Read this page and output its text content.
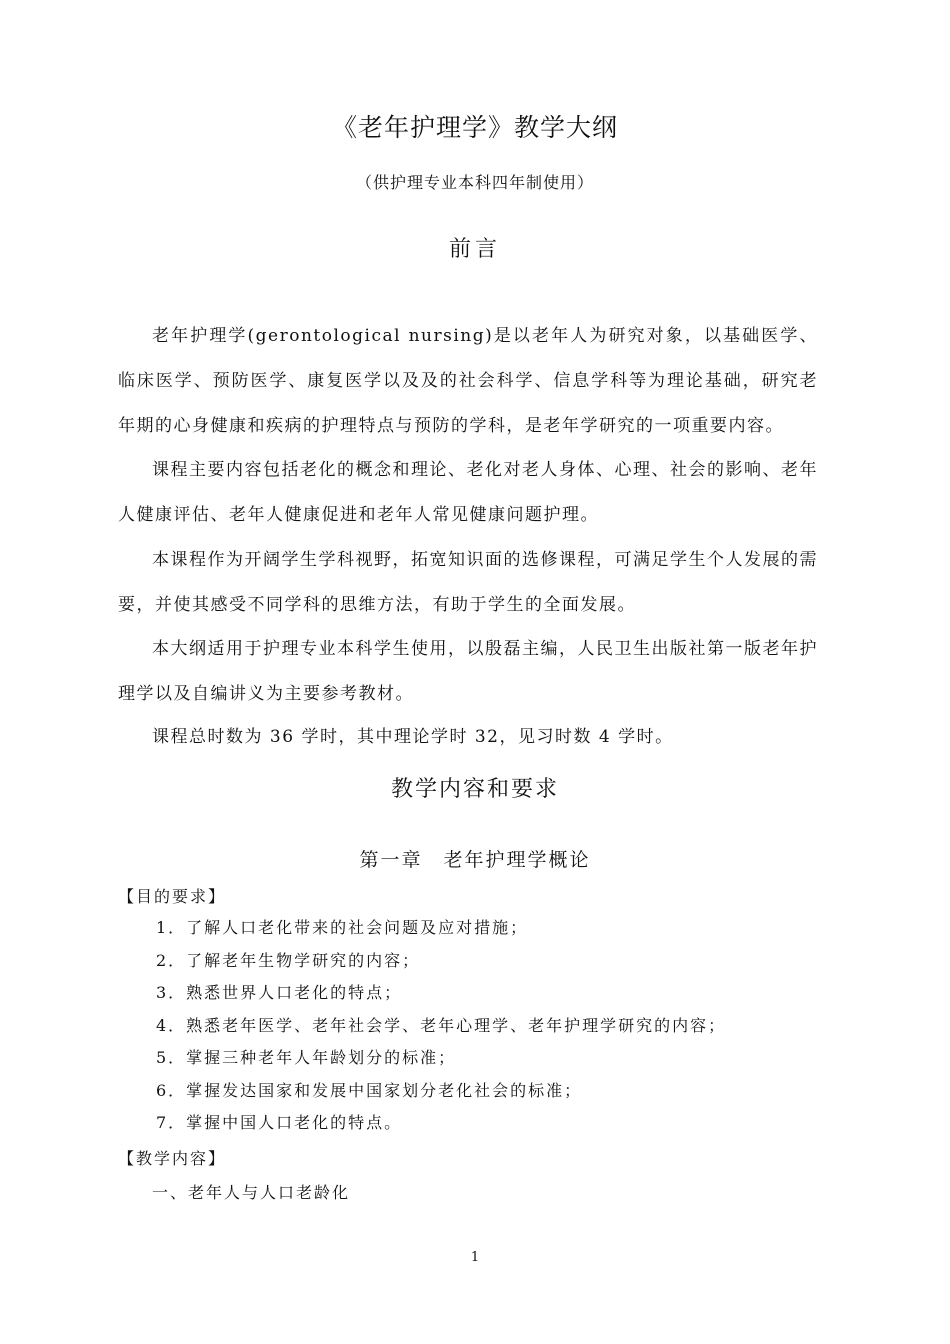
《老年护理学》教学大纲
（供护理专业本科四年制使用）
前言

老年护理学(gerontological nursing)是以老年人为研究对象，以基础医学、临床医学、预防医学、康复医学以及及的社会科学、信息学科等为理论基础，研究老年期的心身健康和疾病的护理特点与预防的学科，是老年学研究的一项重要内容。

课程主要内容包括老化的概念和理论、老化对老人身体、心理、社会的影响、老年人健康评估、老年人健康促进和老年人常见健康问题护理。

本课程作为开阔学生学科视野，拓宽知识面的选修课程，可满足学生个人发展的需要，并使其感受不同学科的思维方法，有助于学生的全面发展。

本大纲适用于护理专业本科学生使用，以殷磊主编，人民卫生出版社第一版老年护理学以及自编讲义为主要参考教材。

课程总时数为 36 学时，其中理论学时 32，见习时数 4 学时。

教学内容和要求
第一章　老年护理学概论
【目的要求】
1．了解人口老化带来的社会问题及应对措施；
2．了解老年生物学研究的内容；
3．熟悉世界人口老化的特点；
4．熟悉老年医学、老年社会学、老年心理学、老年护理学研究的内容；
5．掌握三种老年人年龄划分的标准；
6．掌握发达国家和发展中国家划分老化社会的标准；
7．掌握中国人口老化的特点。
【教学内容】
一、老年人与人口老龄化
1
